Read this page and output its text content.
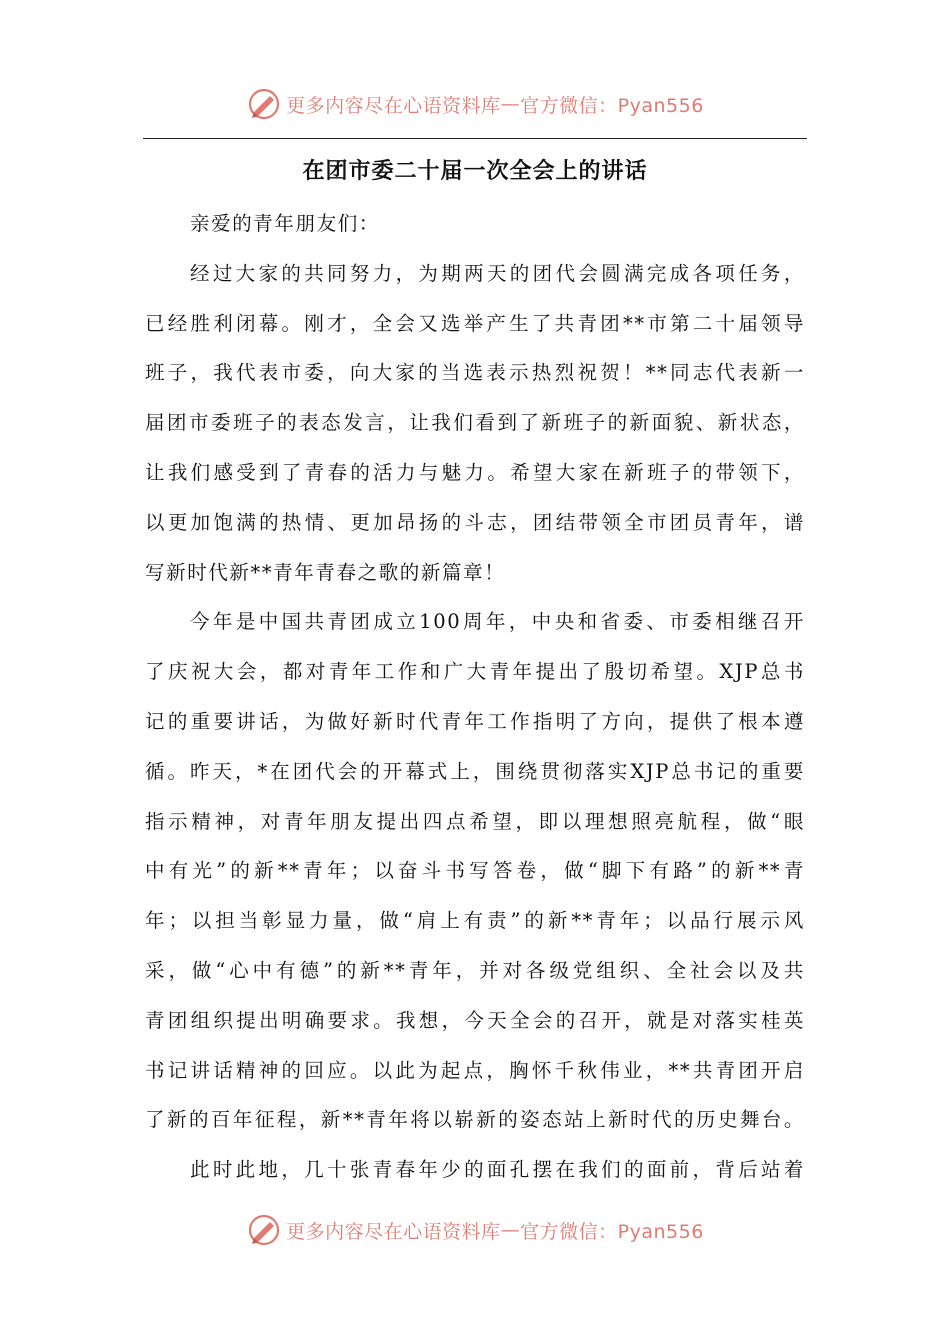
更多内容尽在心语资料库 — 官方微信：Pyan556
在团市委二十届一次全会上的讲话
亲爱的青年朋友们：
经过大家的共同努力，为期两天的团代会圆满完成各项任务，
已经胜利闭幕。刚才，全会又选举产生了共青团**市第二十届领导
班子，我代表市委，向大家的当选表示热烈祝贺！**同志代表新一
届团市委班子的表态发言，让我们看到了新班子的新面貌、新状态，
让我们感受到了青春的活力与魅力。希望大家在新班子的带领下，
以更加饱满的热情、更加昂扬的斗志，团结带领全市团员青年，谱
写新时代新**青年青春之歌的新篇章！
今年是中国共青团成立100周年，中央和省委、市委相继召开
了庆祝大会，都对青年工作和广大青年提出了殷切希望。XJP总书
记的重要讲话，为做好新时代青年工作指明了方向，提供了根本遵
循。昨天，*在团代会的开幕式上，围绕贯彻落实XJP总书记的重要
指示精神，对青年朋友提出四点希望，即以理想照亮航程，做“眼
中有光”的新**青年；以奋斗书写答卷，做“脚下有路”的新**青
年；以担当彰显力量，做“肩上有责”的新**青年；以品行展示风
采，做“心中有德”的新**青年，并对各级党组织、全社会以及共
青团组织提出明确要求。我想，今天全会的召开，就是对落实桂英
书记讲话精神的回应。以此为起点，胸怀千秋伟业，**共青团开启
了新的百年征程，新**青年将以崭新的姿态站上新时代的历史舞台。
此时此地，几十张青春年少的面孔摆在我们的面前，背后站着
更多内容尽在心语资料库 — 官方微信：Pyan556
